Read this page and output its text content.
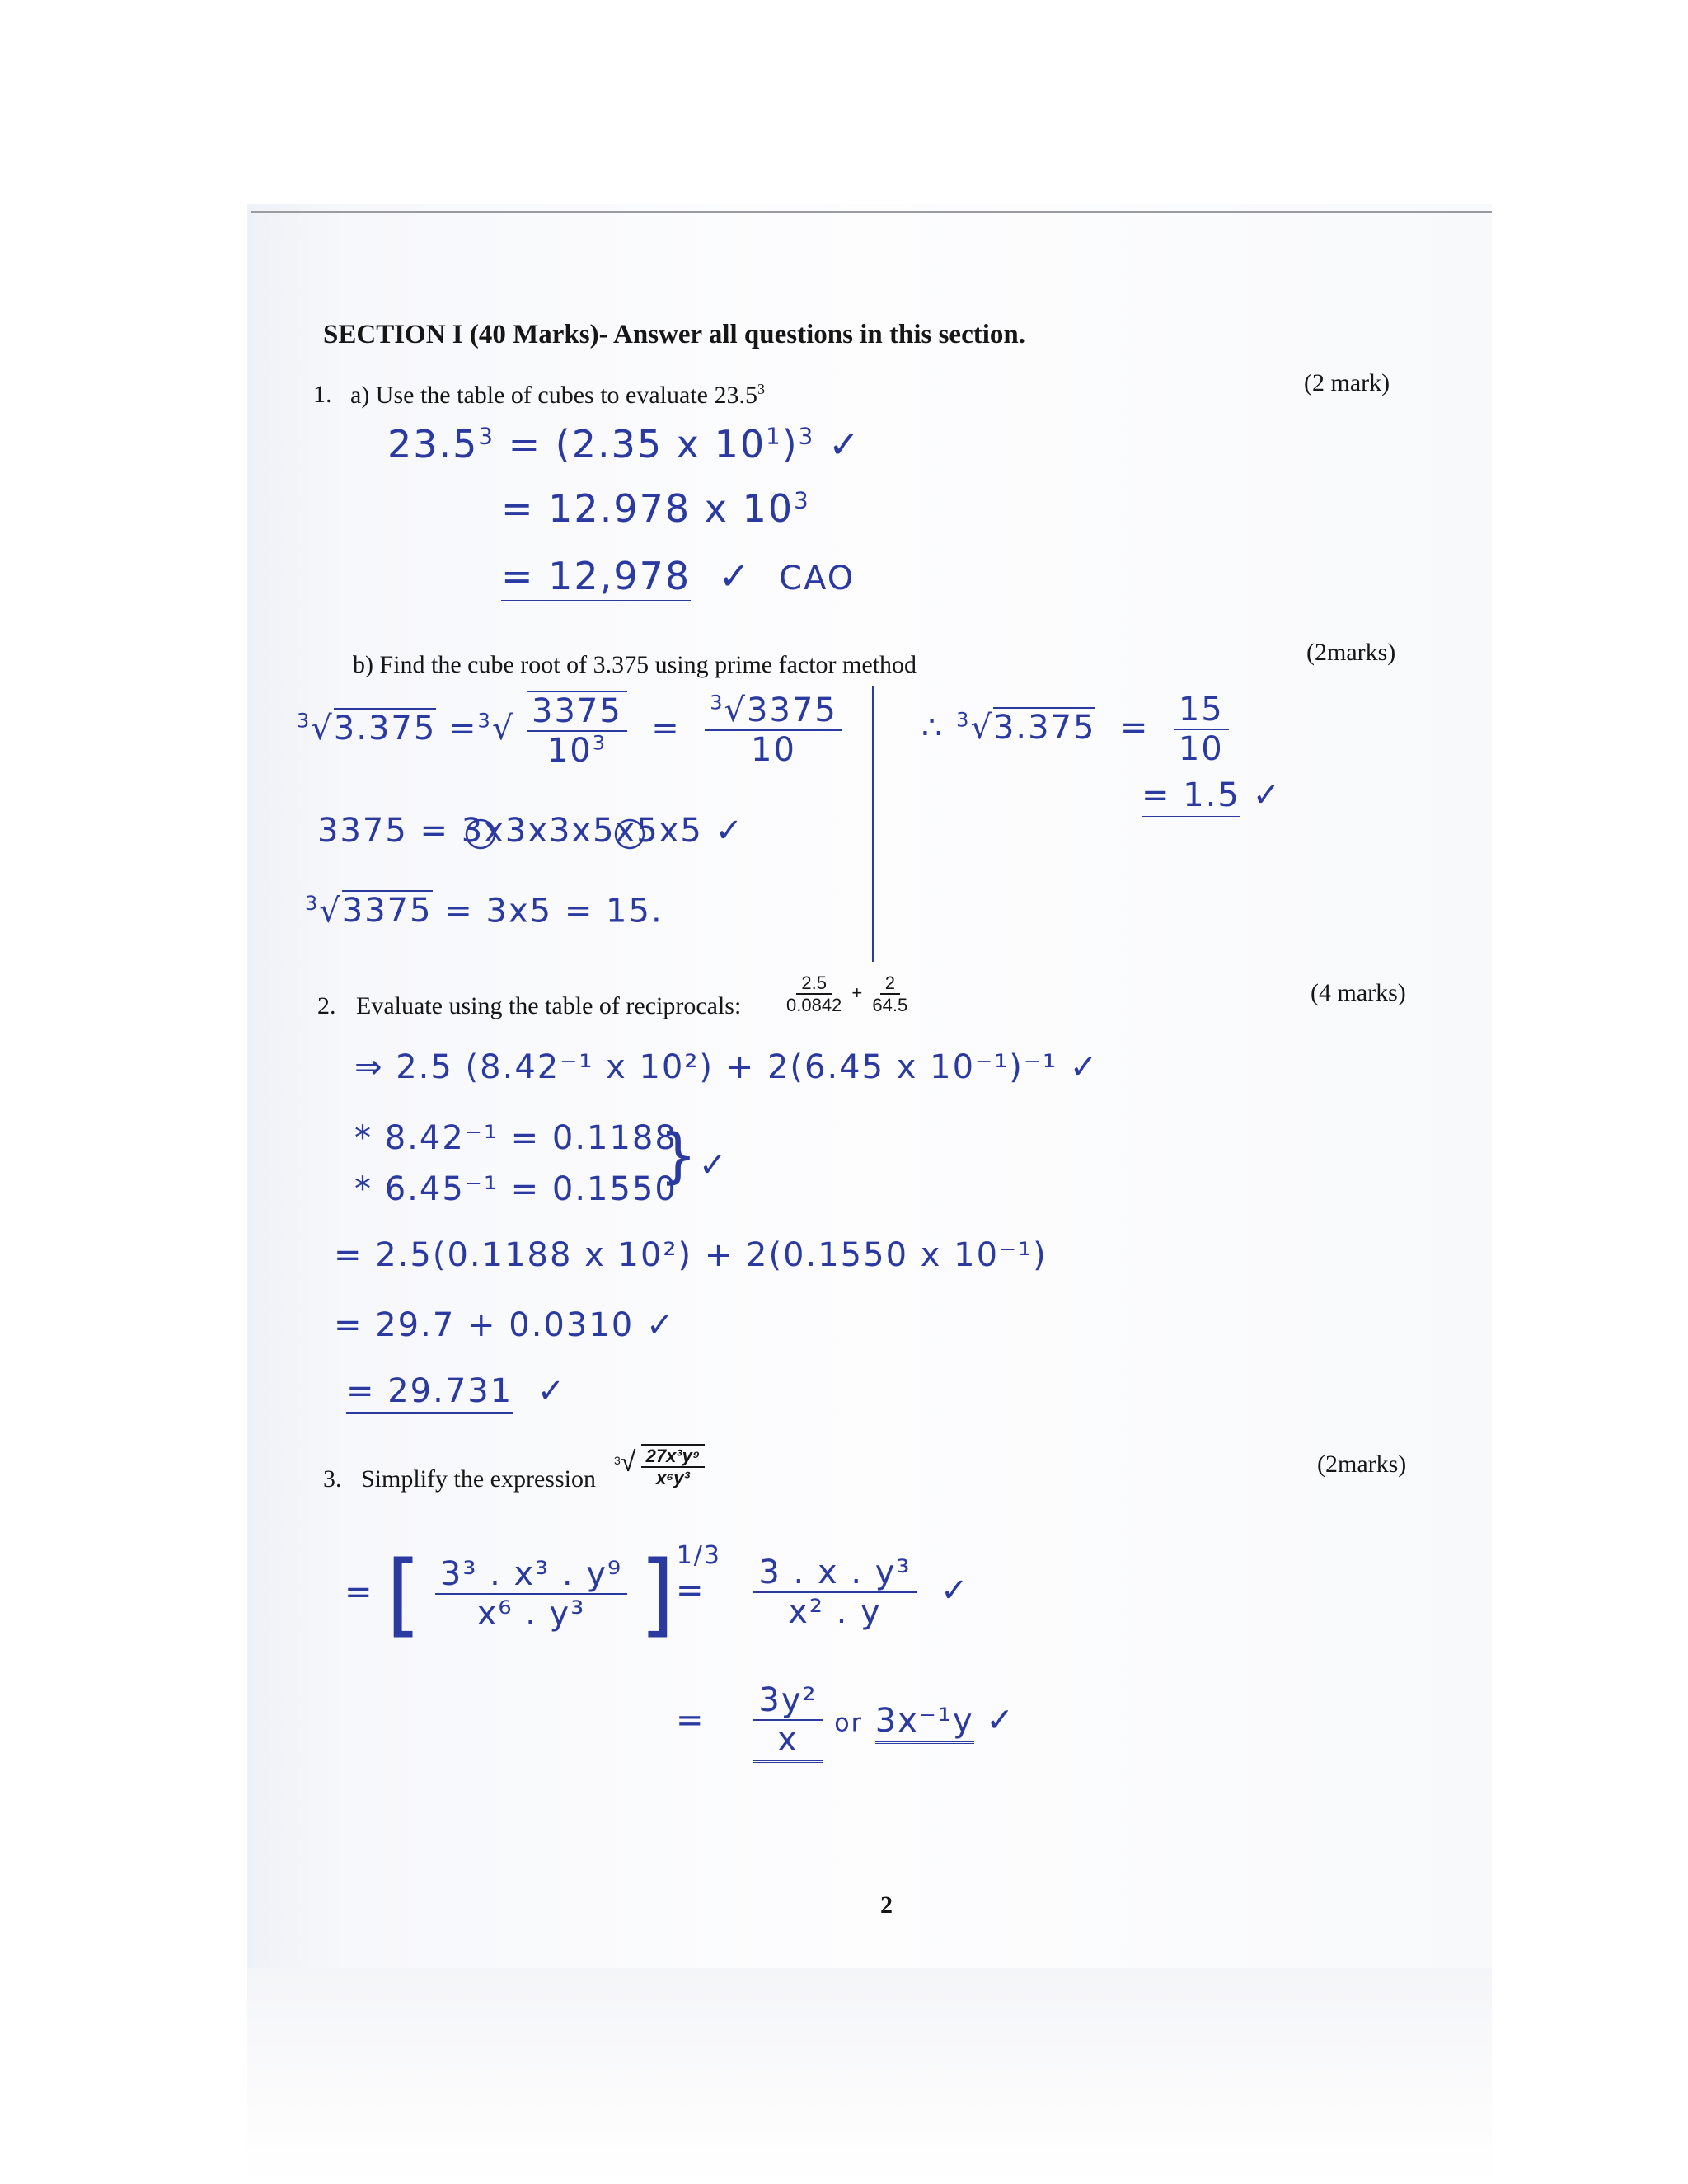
SECTION I (40 Marks)- Answer all questions in this section.
1. a) Use the table of cubes to evaluate 23.5$^3$	(2 mark)
$23.5^3 = (2.35$ x $10^1)^3$ ✓
= 12.978 x $10^3$
= 12,978  ✓  CAO
b) Find the cube root of 3.375 using prime factor method	(2marks)
$^3√3.375 =^3√ \frac{3375}{10^3} = \frac{^3√3375}{10}$
3375 = 3x3x3x5x5x5 ✓
$^3$√3375 = 3x5 = 15.
∴ $^3√3.375 = \frac{15}{10}$
= 1.5 ✓
2. Evaluate using the table of reciprocals: $\frac{2.5}{0.0842} + \frac{2}{64.5}$	(4 marks)
⇒ 2.5 (8.42⁻¹ x 10²) + 2(6.45 x 10⁻¹)⁻¹ ✓
* 8.42⁻¹ = 0.1188
* 6.45⁻¹ = 0.1550
}✓
= 2.5(0.1188 x 10²) + 2(0.1550 x 10⁻¹)
= 29.7 + 0.0310 ✓
= 29.731  ✓
3. Simplify the expression
$^3√ \frac{\text{27x³y⁹}}{\text{x⁶y³}}$	(2marks)
= [ $\frac{\text{3³ . x³ . y⁹}}{\text{x⁶ . y³}} ]^{1/3}$
= $\frac{\text{3 . x . y³}}{\text{x² . y}}$ ✓
= $\frac{\text{3y²}}{x}$ or 3x⁻¹y ✓
2
